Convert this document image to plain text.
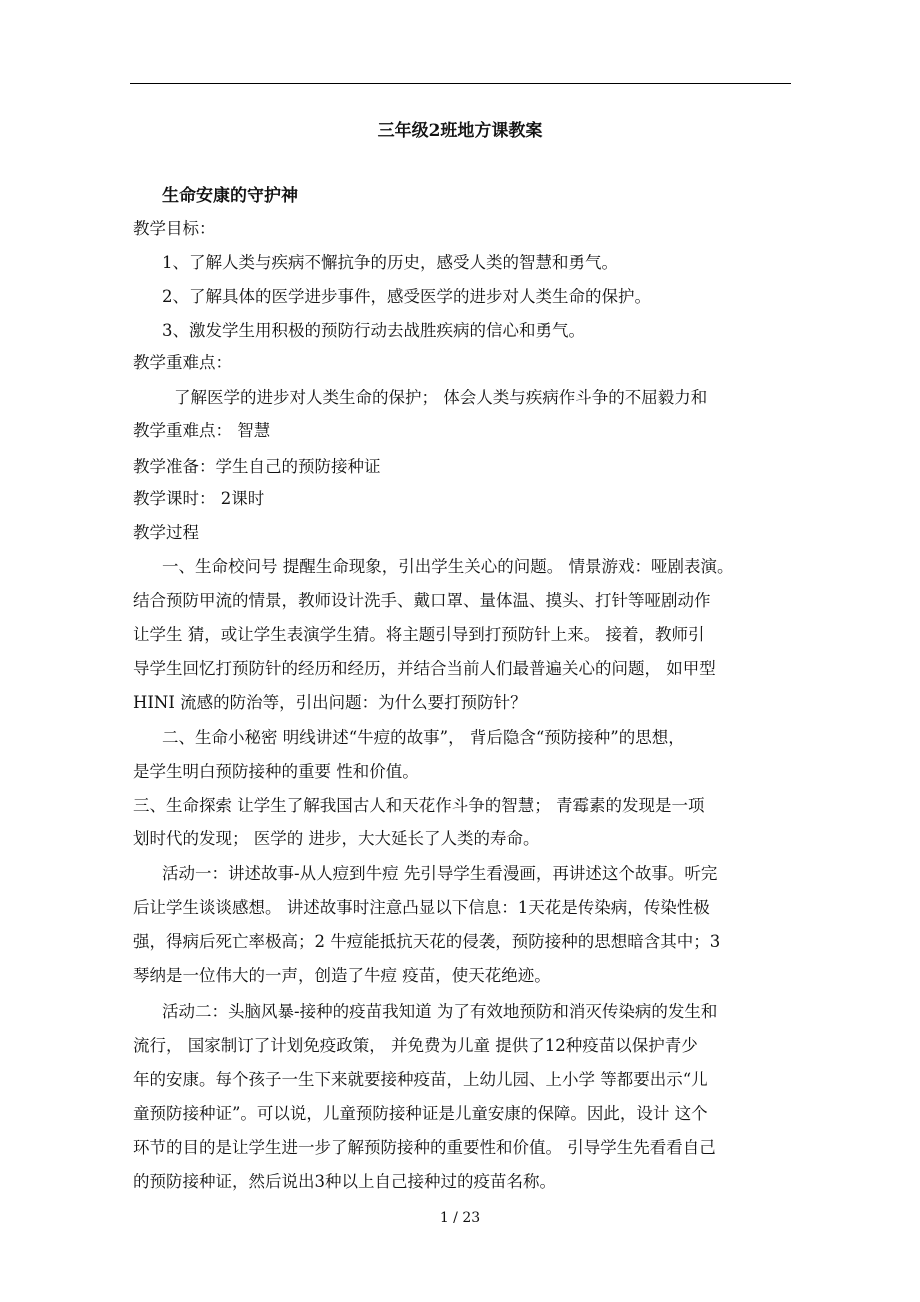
三年级2班地方课教案
生命安康的守护神
教学目标：
1、了解人类与疾病不懈抗争的历史，感受人类的智慧和勇气。
2、了解具体的医学进步事件，感受医学的进步对人类生命的保护。
3、激发学生用积极的预防行动去战胜疾病的信心和勇气。
教学重难点：
了解医学的进步对人类生命的保护； 体会人类与疾病作斗争的不屈毅力和
教学重难点： 智慧
教学准备：学生自己的预防接种证
教学课时： 2课时
教学过程
一、生命校问号 提醒生命现象，引出学生关心的问题。 情景游戏：哑剧表演。
结合预防甲流的情景，教师设计洗手、戴口罩、量体温、摸头、打针等哑剧动作
让学生 猜，或让学生表演学生猜。将主题引导到打预防针上来。 接着，教师引
导学生回忆打预防针的经历和经历，并结合当前人们最普遍关心的问题， 如甲型
HINI 流感的防治等，引出问题：为什么要打预防针？
二、生命小秘密 明线讲述“牛痘的故事”， 背后隐含“预防接种”的思想，
是学生明白预防接种的重要 性和价值。
三、生命探索 让学生了解我国古人和天花作斗争的智慧； 青霉素的发现是一项
划时代的发现； 医学的 进步，大大延长了人类的寿命。
活动一：讲述故事-从人痘到牛痘 先引导学生看漫画，再讲述这个故事。听完
后让学生谈谈感想。 讲述故事时注意凸显以下信息：1天花是传染病，传染性极
强，得病后死亡率极高；2 牛痘能抵抗天花的侵袭，预防接种的思想暗含其中；3
琴纳是一位伟大的一声，创造了牛痘 疫苗，使天花绝迹。
活动二：头脑风暴-接种的疫苗我知道 为了有效地预防和消灭传染病的发生和
流行， 国家制订了计划免疫政策， 并免费为儿童 提供了12种疫苗以保护青少
年的安康。每个孩子一生下来就要接种疫苗，上幼儿园、上小学 等都要出示“儿
童预防接种证”。可以说，儿童预防接种证是儿童安康的保障。因此，设计 这个
环节的目的是让学生进一步了解预防接种的重要性和价值。 引导学生先看看自己
的预防接种证，然后说出3种以上自己接种过的疫苗名称。
1 / 23
